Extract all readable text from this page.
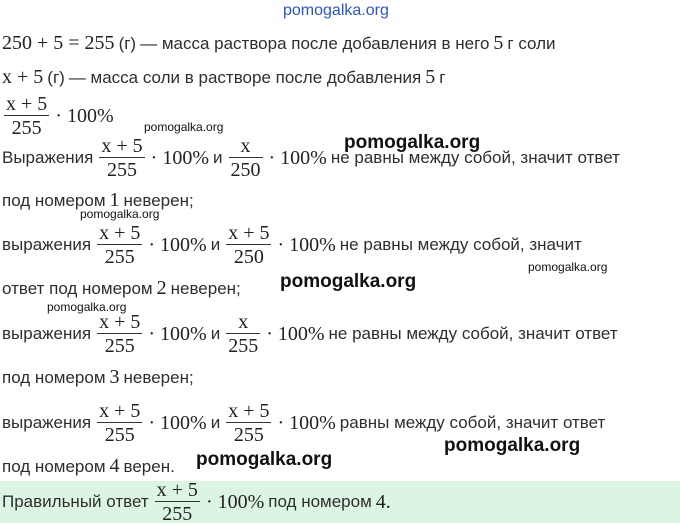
pomogalka.org
250 + 5 = 255 (г) — масса раствора после добавления в него 5 г соли
x + 5 (г) — масса соли в растворе после добавления 5 г
$\frac{x + 5}{255} \cdot 100\%$
Выражения $\frac{x + 5}{255} \cdot 100\%$ и $\frac{x}{250} \cdot 100\%$ не равны между собой, значит ответ
под номером 1 неверен;
выражения $\frac{x + 5}{255} \cdot 100\%$ и $\frac{x + 5}{250} \cdot 100\%$ не равны между собой, значит
ответ под номером 2 неверен;
выражения $\frac{x + 5}{255} \cdot 100\%$ и $\frac{x}{255} \cdot 100\%$ не равны между собой, значит ответ
под номером 3 неверен;
выражения $\frac{x + 5}{255} \cdot 100\%$ и $\frac{x + 5}{255} \cdot 100\%$ равны между собой, значит ответ
под номером 4 верен.
Правильный ответ $\frac{x + 5}{255} \cdot 100\%$ под номером 4.
pomogalka.org
pomogalka.org
pomogalka.org
pomogalka.org
pomogalka.org
pomogalka.org
pomogalka.org
pomogalka.org
